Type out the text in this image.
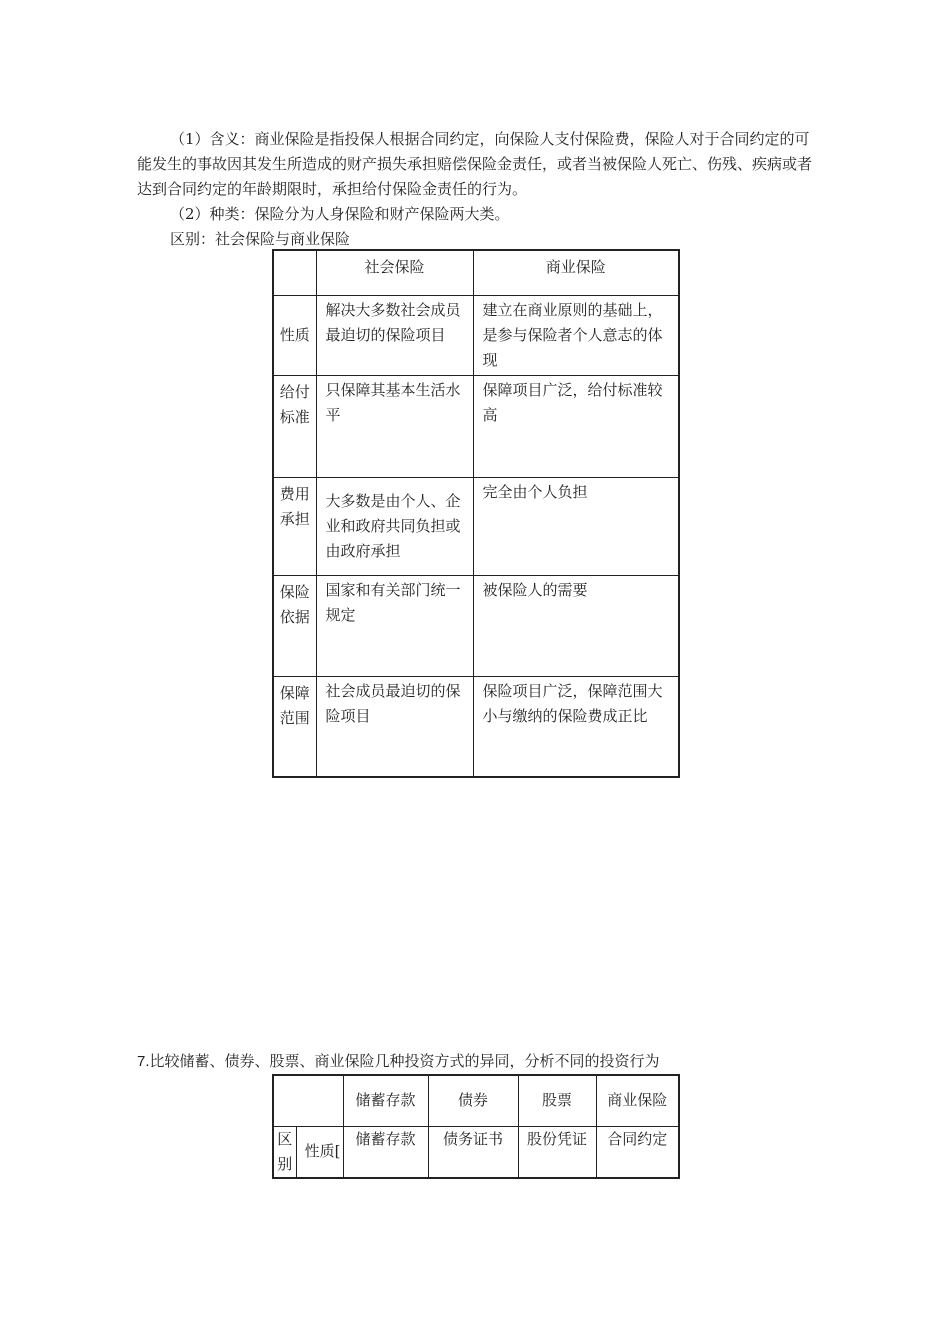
（1）含义：商业保险是指投保人根据合同约定，向保险人支付保险费，保险人对于合同约定的可能发生的事故因其发生所造成的财产损失承担赔偿保险金责任，或者当被保险人死亡、伤残、疾病或者达到合同约定的年龄期限时，承担给付保险金责任的行为。

（2）种类：保险分为人身保险和财产保险两大类。

区别：社会保险与商业保险

	社会保险	商业保险
性质	解决大多数社会成员最迫切的保险项目	建立在商业原则的基础上，是参与保险者个人意志的体现
给付标准	只保障其基本生活水平	保障项目广泛，给付标准较高
费用承担	大多数是由个人、企业和政府共同负担或由政府承担	完全由个人负担
保险依据	国家和有关部门统一规定	被保险人的需要
保障范围	社会成员最迫切的保险项目	保险项目广泛，保障范围大小与缴纳的保险费成正比

7.比较储蓄、债券、股票、商业保险几种投资方式的异同，分析不同的投资行为

		储蓄存款	债券	股票	商业保险
区别	性质[	储蓄存款	债务证书	股份凭证	合同约定
